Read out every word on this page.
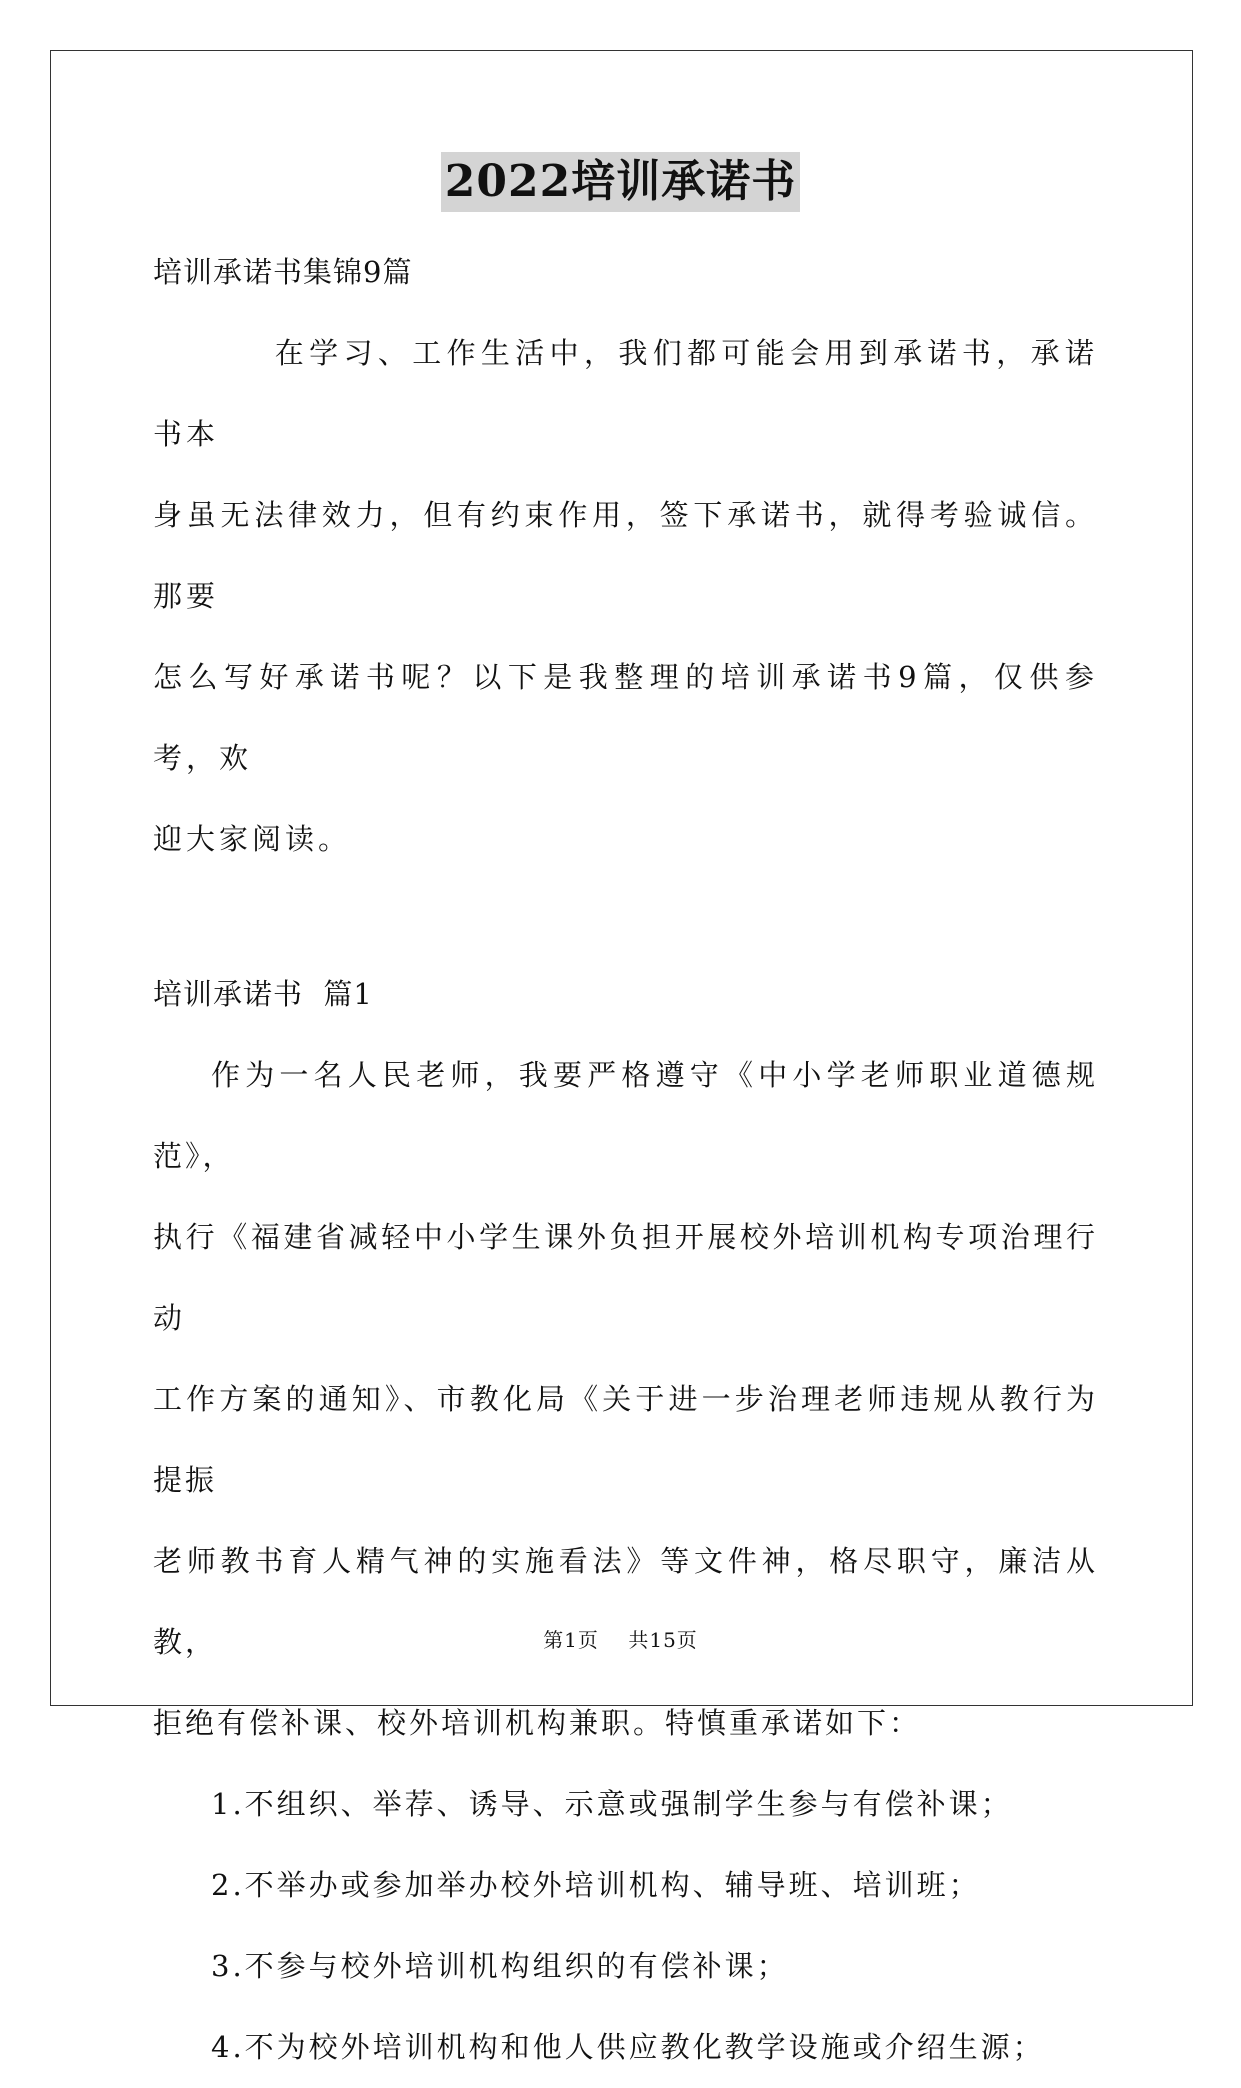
2022培训承诺书

培训承诺书集锦9篇

在学习、工作生活中，我们都可能会用到承诺书，承诺书本

身虽无法律效力，但有约束作用，签下承诺书，就得考验诚信。那要

怎么写好承诺书呢？以下是我整理的培训承诺书9篇，仅供参考，欢

迎大家阅读。

培训承诺书  篇1

作为一名人民老师，我要严格遵守《中小学老师职业道德规范》，

执行《福建省减轻中小学生课外负担开展校外培训机构专项治理行动

工作方案的通知》、市教化局《关于进一步治理老师违规从教行为提振

老师教书育人精气神的实施看法》等文件神，格尽职守，廉洁从教，

拒绝有偿补课、校外培训机构兼职。特慎重承诺如下：

1.不组织、举荐、诱导、示意或强制学生参与有偿补课；

2.不举办或参加举办校外培训机构、辅导班、培训班；

3.不参与校外培训机构组织的有偿补课；

4.不为校外培训机构和他人供应教化教学设施或介绍生源；

第1页    共15页
